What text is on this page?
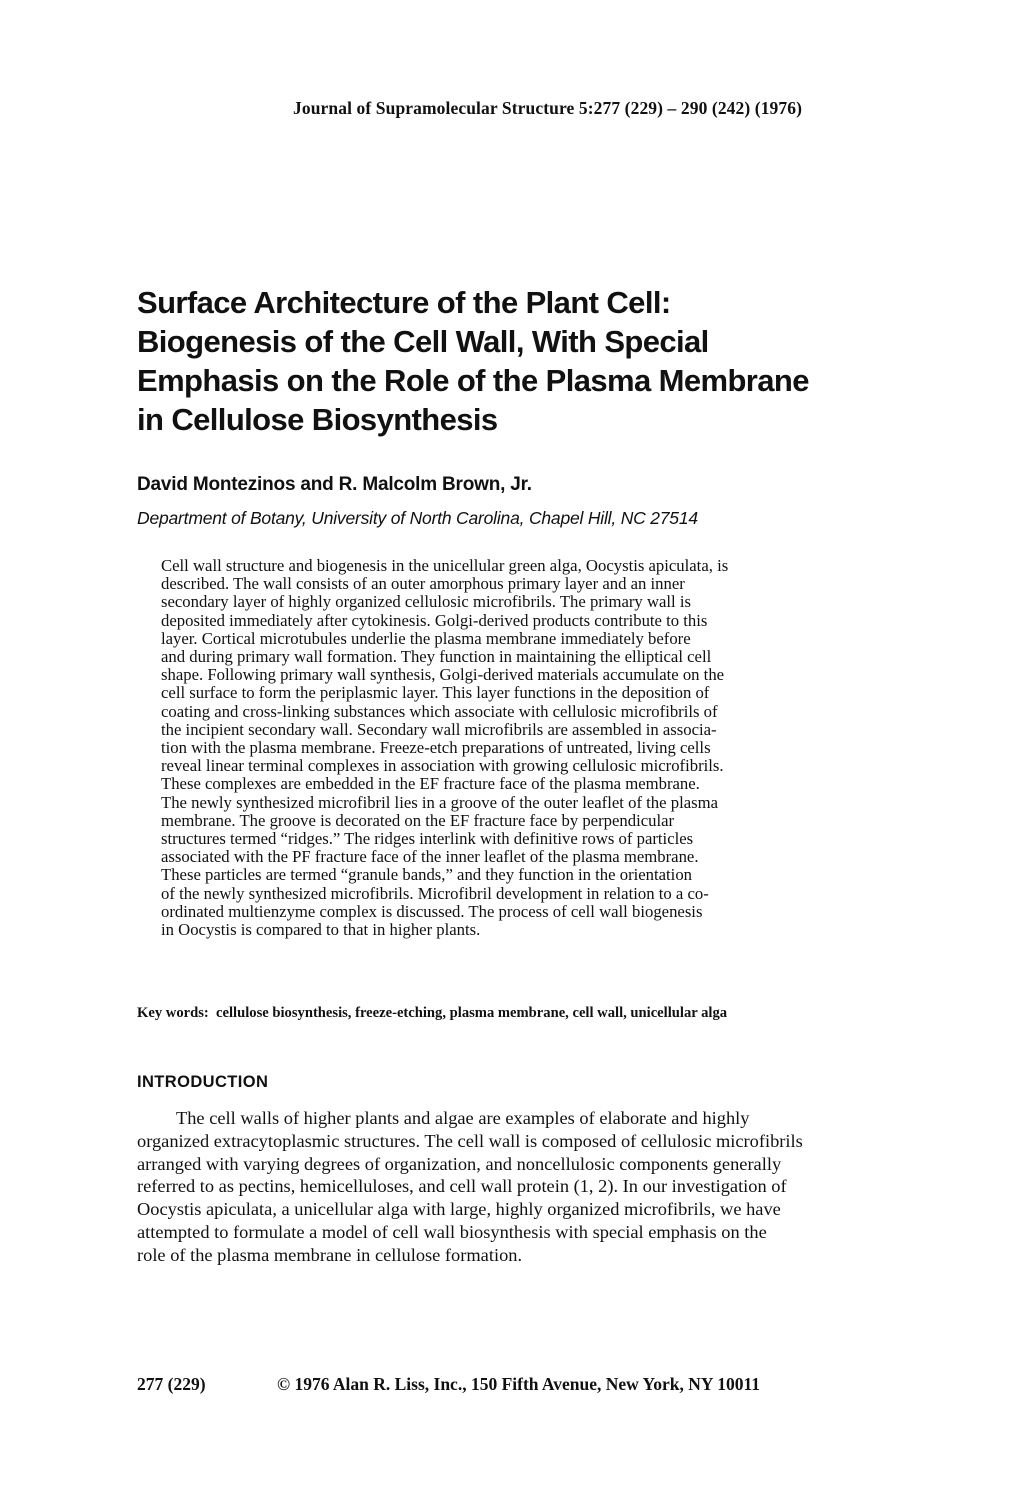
Journal of Supramolecular Structure 5:277 (229) – 290 (242) (1976)
Surface Architecture of the Plant Cell:
Biogenesis of the Cell Wall, With Special
Emphasis on the Role of the Plasma Membrane
in Cellulose Biosynthesis
David Montezinos and R. Malcolm Brown, Jr.
Department of Botany, University of North Carolina, Chapel Hill, NC 27514
Cell wall structure and biogenesis in the unicellular green alga, Oocystis apiculata, is
described. The wall consists of an outer amorphous primary layer and an inner
secondary layer of highly organized cellulosic microfibrils. The primary wall is
deposited immediately after cytokinesis. Golgi-derived products contribute to this
layer. Cortical microtubules underlie the plasma membrane immediately before
and during primary wall formation. They function in maintaining the elliptical cell
shape. Following primary wall synthesis, Golgi-derived materials accumulate on the
cell surface to form the periplasmic layer. This layer functions in the deposition of
coating and cross-linking substances which associate with cellulosic microfibrils of
the incipient secondary wall. Secondary wall microfibrils are assembled in associa-
tion with the plasma membrane. Freeze-etch preparations of untreated, living cells
reveal linear terminal complexes in association with growing cellulosic microfibrils.
These complexes are embedded in the EF fracture face of the plasma membrane.
The newly synthesized microfibril lies in a groove of the outer leaflet of the plasma
membrane. The groove is decorated on the EF fracture face by perpendicular
structures termed “ridges.” The ridges interlink with definitive rows of particles
associated with the PF fracture face of the inner leaflet of the plasma membrane.
These particles are termed “granule bands,” and they function in the orientation
of the newly synthesized microfibrils. Microfibril development in relation to a co-
ordinated multienzyme complex is discussed. The process of cell wall biogenesis
in Oocystis is compared to that in higher plants.
Key words: cellulose biosynthesis, freeze-etching, plasma membrane, cell wall, unicellular alga
INTRODUCTION
The cell walls of higher plants and algae are examples of elaborate and highly
organized extracytoplasmic structures. The cell wall is composed of cellulosic microfibrils
arranged with varying degrees of organization, and noncellulosic components generally
referred to as pectins, hemicelluloses, and cell wall protein (1, 2). In our investigation of
Oocystis apiculata, a unicellular alga with large, highly organized microfibrils, we have
attempted to formulate a model of cell wall biosynthesis with special emphasis on the
role of the plasma membrane in cellulose formation.
277 (229)	© 1976 Alan R. Liss, Inc., 150 Fifth Avenue, New York, NY 10011
